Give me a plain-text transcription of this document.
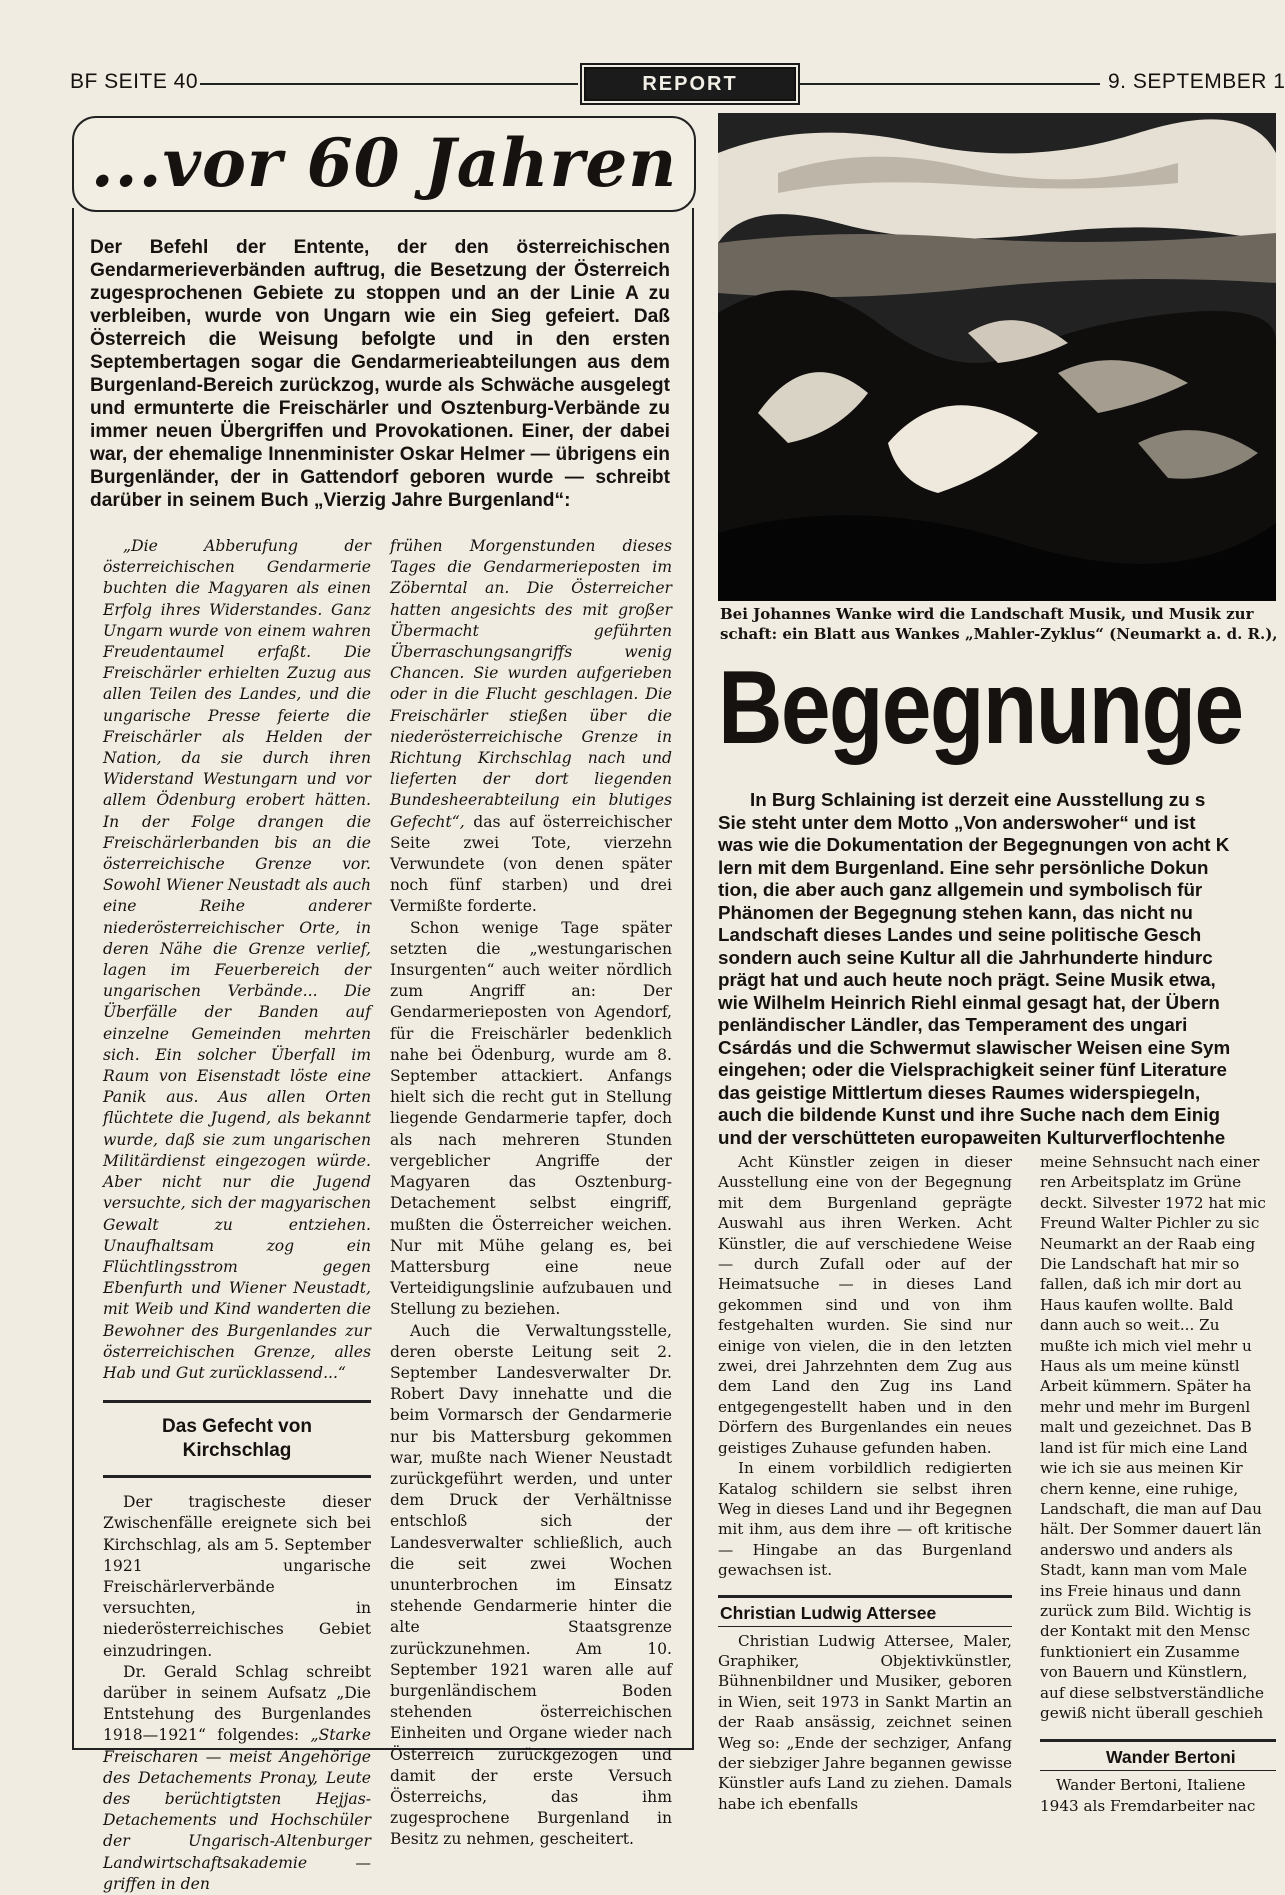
BF SEITE 40	REPORT	9. SEPTEMBER 1
...vor 60 Jahren
Der Befehl der Entente, der den österreichischen Gendarmerieverbänden auftrug, die Besetzung der Österreich zugesprochenen Gebiete zu stoppen und an der Linie A zu verbleiben, wurde von Ungarn wie ein Sieg gefeiert. Daß Österreich die Weisung befolgte und in den ersten Septembertagen sogar die Gendarmerieabteilungen aus dem Burgenland-Bereich zurückzog, wurde als Schwäche ausgelegt und ermunterte die Freischärler und Osztenburg-Verbände zu immer neuen Übergriffen und Provokationen. Einer, der dabei war, der ehemalige Innenminister Oskar Helmer — übrigens ein Burgenländer, der in Gattendorf geboren wurde — schreibt darüber in seinem Buch „Vierzig Jahre Burgenland“:

„Die Abberufung der österreichischen Gendarmerie buchten die Magyaren als einen Erfolg ihres Widerstandes. Ganz Ungarn wurde von einem wahren Freudentaumel erfaßt. Die Freischärler erhielten Zuzug aus allen Teilen des Landes, und die ungarische Presse feierte die Freischärler als Helden der Nation, da sie durch ihren Widerstand Westungarn und vor allem Ödenburg erobert hätten. In der Folge drangen die Freischärlerbanden bis an die österreichische Grenze vor. Sowohl Wiener Neustadt als auch eine Reihe anderer niederösterreichischer Orte, in deren Nähe die Grenze verlief, lagen im Feuerbereich der ungarischen Verbände... Die Überfälle der Banden auf einzelne Gemeinden mehrten sich. Ein solcher Überfall im Raum von Eisenstadt löste eine Panik aus. Aus allen Orten flüchtete die Jugend, als bekannt wurde, daß sie zum ungarischen Militärdienst eingezogen würde. Aber nicht nur die Jugend versuchte, sich der magyarischen Gewalt zu entziehen. Unaufhaltsam zog ein Flüchtlingsstrom gegen Ebenfurth und Wiener Neustadt, mit Weib und Kind wanderten die Bewohner des Burgenlandes zur österreichischen Grenze, alles Hab und Gut zurücklassend...“

Das Gefecht von Kirchschlag

Der tragischeste dieser Zwischenfälle ereignete sich bei Kirchschlag, als am 5. September 1921 ungarische Freischärlerverbände versuchten, in niederösterreichisches Gebiet einzudringen.

Dr. Gerald Schlag schreibt darüber in seinem Aufsatz „Die Entstehung des Burgenlandes 1918—1921“ folgendes: „Starke Freischaren — meist Angehörige des Detachements Pronay, Leute des berüchtigtsten Hejjas-Detachements und Hochschüler der Ungarisch-Altenburger Landwirtschaftsakademie — griffen in den

frühen Morgenstunden dieses Tages die Gendarmerieposten im Zöberntal an. Die Österreicher hatten angesichts des mit großer Übermacht geführten Überraschungsangriffs wenig Chancen. Sie wurden aufgerieben oder in die Flucht geschlagen. Die Freischärler stießen über die niederösterreichische Grenze in Richtung Kirchschlag nach und lieferten der dort liegenden Bundesheerabteilung ein blutiges Gefecht“, das auf österreichischer Seite zwei Tote, vierzehn Verwundete (von denen später noch fünf starben) und drei Vermißte forderte.

Schon wenige Tage später setzten die „westungarischen Insurgenten“ auch weiter nördlich zum Angriff an: Der Gendarmerieposten von Agendorf, für die Freischärler bedenklich nahe bei Ödenburg, wurde am 8. September attackiert. Anfangs hielt sich die recht gut in Stellung liegende Gendarmerie tapfer, doch als nach mehreren Stunden vergeblicher Angriffe der Magyaren das Osztenburg-Detachement selbst eingriff, mußten die Österreicher weichen. Nur mit Mühe gelang es, bei Mattersburg eine neue Verteidigungslinie aufzubauen und Stellung zu beziehen.

Auch die Verwaltungsstelle, deren oberste Leitung seit 2. September Landesverwalter Dr. Robert Davy innehatte und die beim Vormarsch der Gendarmerie nur bis Mattersburg gekommen war, mußte nach Wiener Neustadt zurückgeführt werden, und unter dem Druck der Verhältnisse entschloß sich der Landesverwalter schließlich, auch die seit zwei Wochen ununterbrochen im Einsatz stehende Gendarmerie hinter die alte Staatsgrenze zurückzunehmen. Am 10. September 1921 waren alle auf burgenländischem Boden stehenden österreichischen Einheiten und Organe wieder nach Österreich zurückgezogen und damit der erste Versuch Österreichs, das ihm zugesprochene Burgenland in Besitz zu nehmen, gescheitert.

Bei Johannes Wanke wird die Landschaft Musik, und Musik zur
schaft: ein Blatt aus Wankes „Mahler-Zyklus“ (Neumarkt a. d. R.),
Begegnunge
In Burg Schlaining ist derzeit eine Ausstellung zu s
Sie steht unter dem Motto „Von anderswoher“ und ist
was wie die Dokumentation der Begegnungen von acht K
lern mit dem Burgenland. Eine sehr persönliche Dokun
tion, die aber auch ganz allgemein und symbolisch für
Phänomen der Begegnung stehen kann, das nicht nu
Landschaft dieses Landes und seine politische Gesch
sondern auch seine Kultur all die Jahrhunderte hindurc
prägt hat und auch heute noch prägt. Seine Musik etwa,
wie Wilhelm Heinrich Riehl einmal gesagt hat, der Übern
penländischer Ländler, das Temperament des ungari
Csárdás und die Schwermut slawischer Weisen eine Sym
eingehen; oder die Vielsprachigkeit seiner fünf Literature
das geistige Mittlertum dieses Raumes widerspiegeln,
auch die bildende Kunst und ihre Suche nach dem Einig
und der verschütteten europaweiten Kulturverflochtenhe

Acht Künstler zeigen in dieser Ausstellung eine von der Begegnung mit dem Burgenland geprägte Auswahl aus ihren Werken. Acht Künstler, die auf verschiedene Weise — durch Zufall oder auf der Heimatsuche — in dieses Land gekommen sind und von ihm festgehalten wurden. Sie sind nur einige von vielen, die in den letzten zwei, drei Jahrzehnten dem Zug aus dem Land den Zug ins Land entgegengestellt haben und in den Dörfern des Burgenlandes ein neues geistiges Zuhause gefunden haben.

In einem vorbildlich redigierten Katalog schildern sie selbst ihren Weg in dieses Land und ihr Begegnen mit ihm, aus dem ihre — oft kritische — Hingabe an das Burgenland gewachsen ist.

Christian Ludwig Attersee

Christian Ludwig Attersee, Maler, Graphiker, Objektivkünstler, Bühnenbildner und Musiker, geboren in Wien, seit 1973 in Sankt Martin an der Raab ansässig, zeichnet seinen Weg so: „Ende der sechziger, Anfang der siebziger Jahre begannen gewisse Künstler aufs Land zu ziehen. Damals habe ich ebenfalls

meine Sehnsucht nach einer
ren Arbeitsplatz im Grüne
deckt. Silvester 1972 hat mic
Freund Walter Pichler zu sic
Neumarkt an der Raab eing
Die Landschaft hat mir so
fallen, daß ich mir dort au
Haus kaufen wollte. Bald
dann auch so weit... Zu
mußte ich mich viel mehr u
Haus als um meine künstl
Arbeit kümmern. Später ha
mehr und mehr im Burgenl
malt und gezeichnet. Das B
land ist für mich eine Land
wie ich sie aus meinen Kir
chern kenne, eine ruhige,
Landschaft, die man auf Dau
hält. Der Sommer dauert län
anderswo und anders als
Stadt, kann man vom Male
ins Freie hinaus und dann
zurück zum Bild. Wichtig is
der Kontakt mit den Mensc
funktioniert ein Zusamme
von Bauern und Künstlern,
auf diese selbstverständliche
gewiß nicht überall geschieh
Wander Bertoni
Wander Bertoni, Italiene
1943 als Fremdarbeiter nac
